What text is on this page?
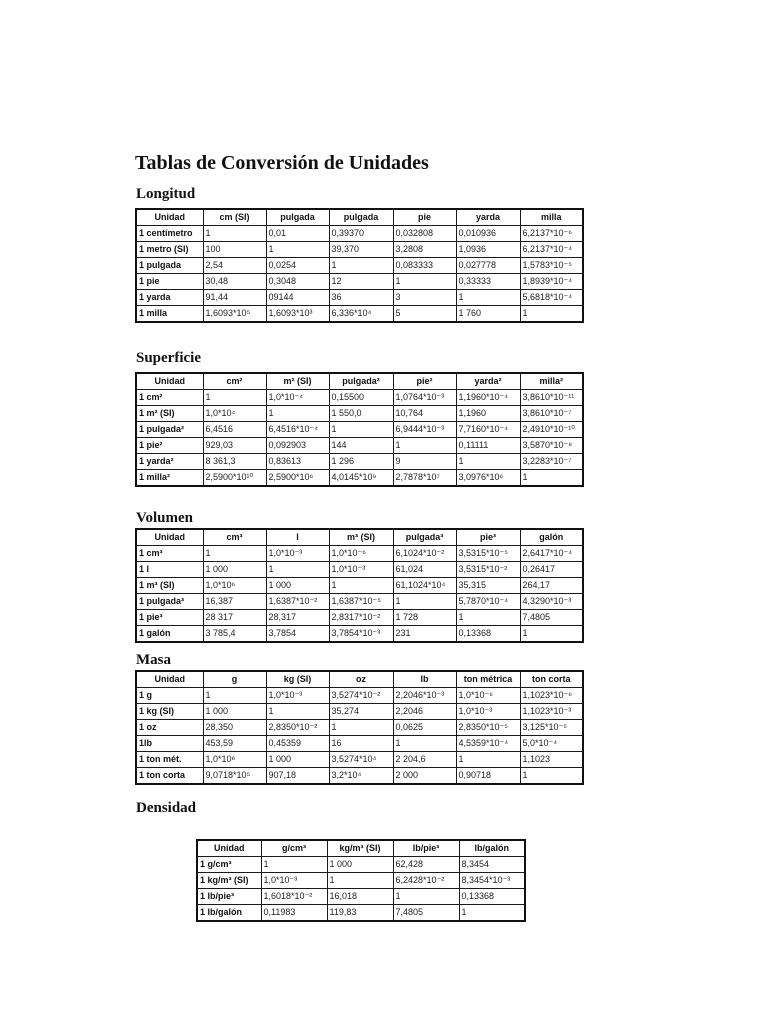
Tablas de Conversión de Unidades
Longitud
Unidad	cm (SI)	pulgada	pulgada	pie	yarda	milla
1 centímetro	1	0,01	0,39370	0,032808	0,010936	6,2137*10⁻⁶
1 metro (SI)	100	1	39,370	3,2808	1,0936	6,2137*10⁻⁴
1 pulgada	2,54	0,0254	1	0,083333	0,027778	1,5783*10⁻⁵
1 pie	30,48	0,3048	12	1	0,33333	1,8939*10⁻⁴
1 yarda	91,44	09144	36	3	1	5,6818*10⁻⁴
1 milla	1,6093*10⁵	1,6093*10³	6,336*10⁴	5	1 760	1
Superficie
Unidad	cm²	m² (SI)	pulgada²	pie²	yarda²	milla²
1 cm²	1	1,0*10⁻⁴	0,15500	1,0764*10⁻³	1,1960*10⁻⁴	3,8610*10⁻¹¹
1 m² (SI)	1,0*10⁴	1	1 550,0	10,764	1,1960	3,8610*10⁻⁷
1 pulgada²	6,4516	6,4516*10⁻⁴	1	6,9444*10⁻³	7,7160*10⁻⁴	2,4910*10⁻¹⁰
1 pie²	929,03	0,092903	144	1	0,11111	3,5870*10⁻⁸
1 yarda²	8 361,3	0,83613	1 296	9	1	3,2283*10⁻⁷
1 milla²	2,5900*10¹⁰	2,5900*10⁶	4,0145*10⁹	2,7878*10⁷	3,0976*10⁶	1
Volumen
Unidad	cm³	l	m³ (SI)	pulgada³	pie³	galón
1 cm³	1	1,0*10⁻³	1,0*10⁻⁶	6,1024*10⁻²	3,5315*10⁻⁵	2,6417*10⁻⁴
1 l	1 000	1	1,0*10⁻³	61,024	3,5315*10⁻²	0,26417
1 m³ (SI)	1,0*10⁶	1 000	1	61,1024*10⁴	35,315	264,17
1 pulgada³	16,387	1,6387*10⁻²	1,6387*10⁻⁵	1	5,7870*10⁻⁴	4,3290*10⁻³
1 pie³	28 317	28,317	2,8317*10⁻²	1 728	1	7,4805
1 galón	3 785,4	3,7854	3,7854*10⁻³	231	0,13368	1
Masa
Unidad	g	kg (SI)	oz	lb	ton métrica	ton corta
1 g	1	1,0*10⁻³	3,5274*10⁻²	2,2046*10⁻³	1,0*10⁻⁶	1,1023*10⁻⁶
1 kg (SI)	1 000	1	35,274	2,2046	1,0*10⁻³	1,1023*10⁻³
1 oz	28,350	2,8350*10⁻²	1	0,0625	2,8350*10⁻⁵	3,125*10⁻⁵
1lb	453,59	0,45359	16	1	4,5359*10⁻⁴	5,0*10⁻⁴
1 ton mét.	1,0*10⁶	1 000	3,5274*10⁴	2 204,6	1	1,1023
1 ton corta	9,0718*10⁵	907,18	3,2*10⁴	2 000	0,90718	1
Densidad
Unidad	g/cm³	kg/m³ (SI)	lb/pie³	lb/galón
1 g/cm³	1	1 000	62,428	8,3454
1 kg/m³ (SI)	1,0*10⁻³	1	6,2428*10⁻²	8,3454*10⁻³
1 lb/pie³	1,6018*10⁻²	16,018	1	0,13368
1 lb/galón	0,11983	119,83	7,4805	1
